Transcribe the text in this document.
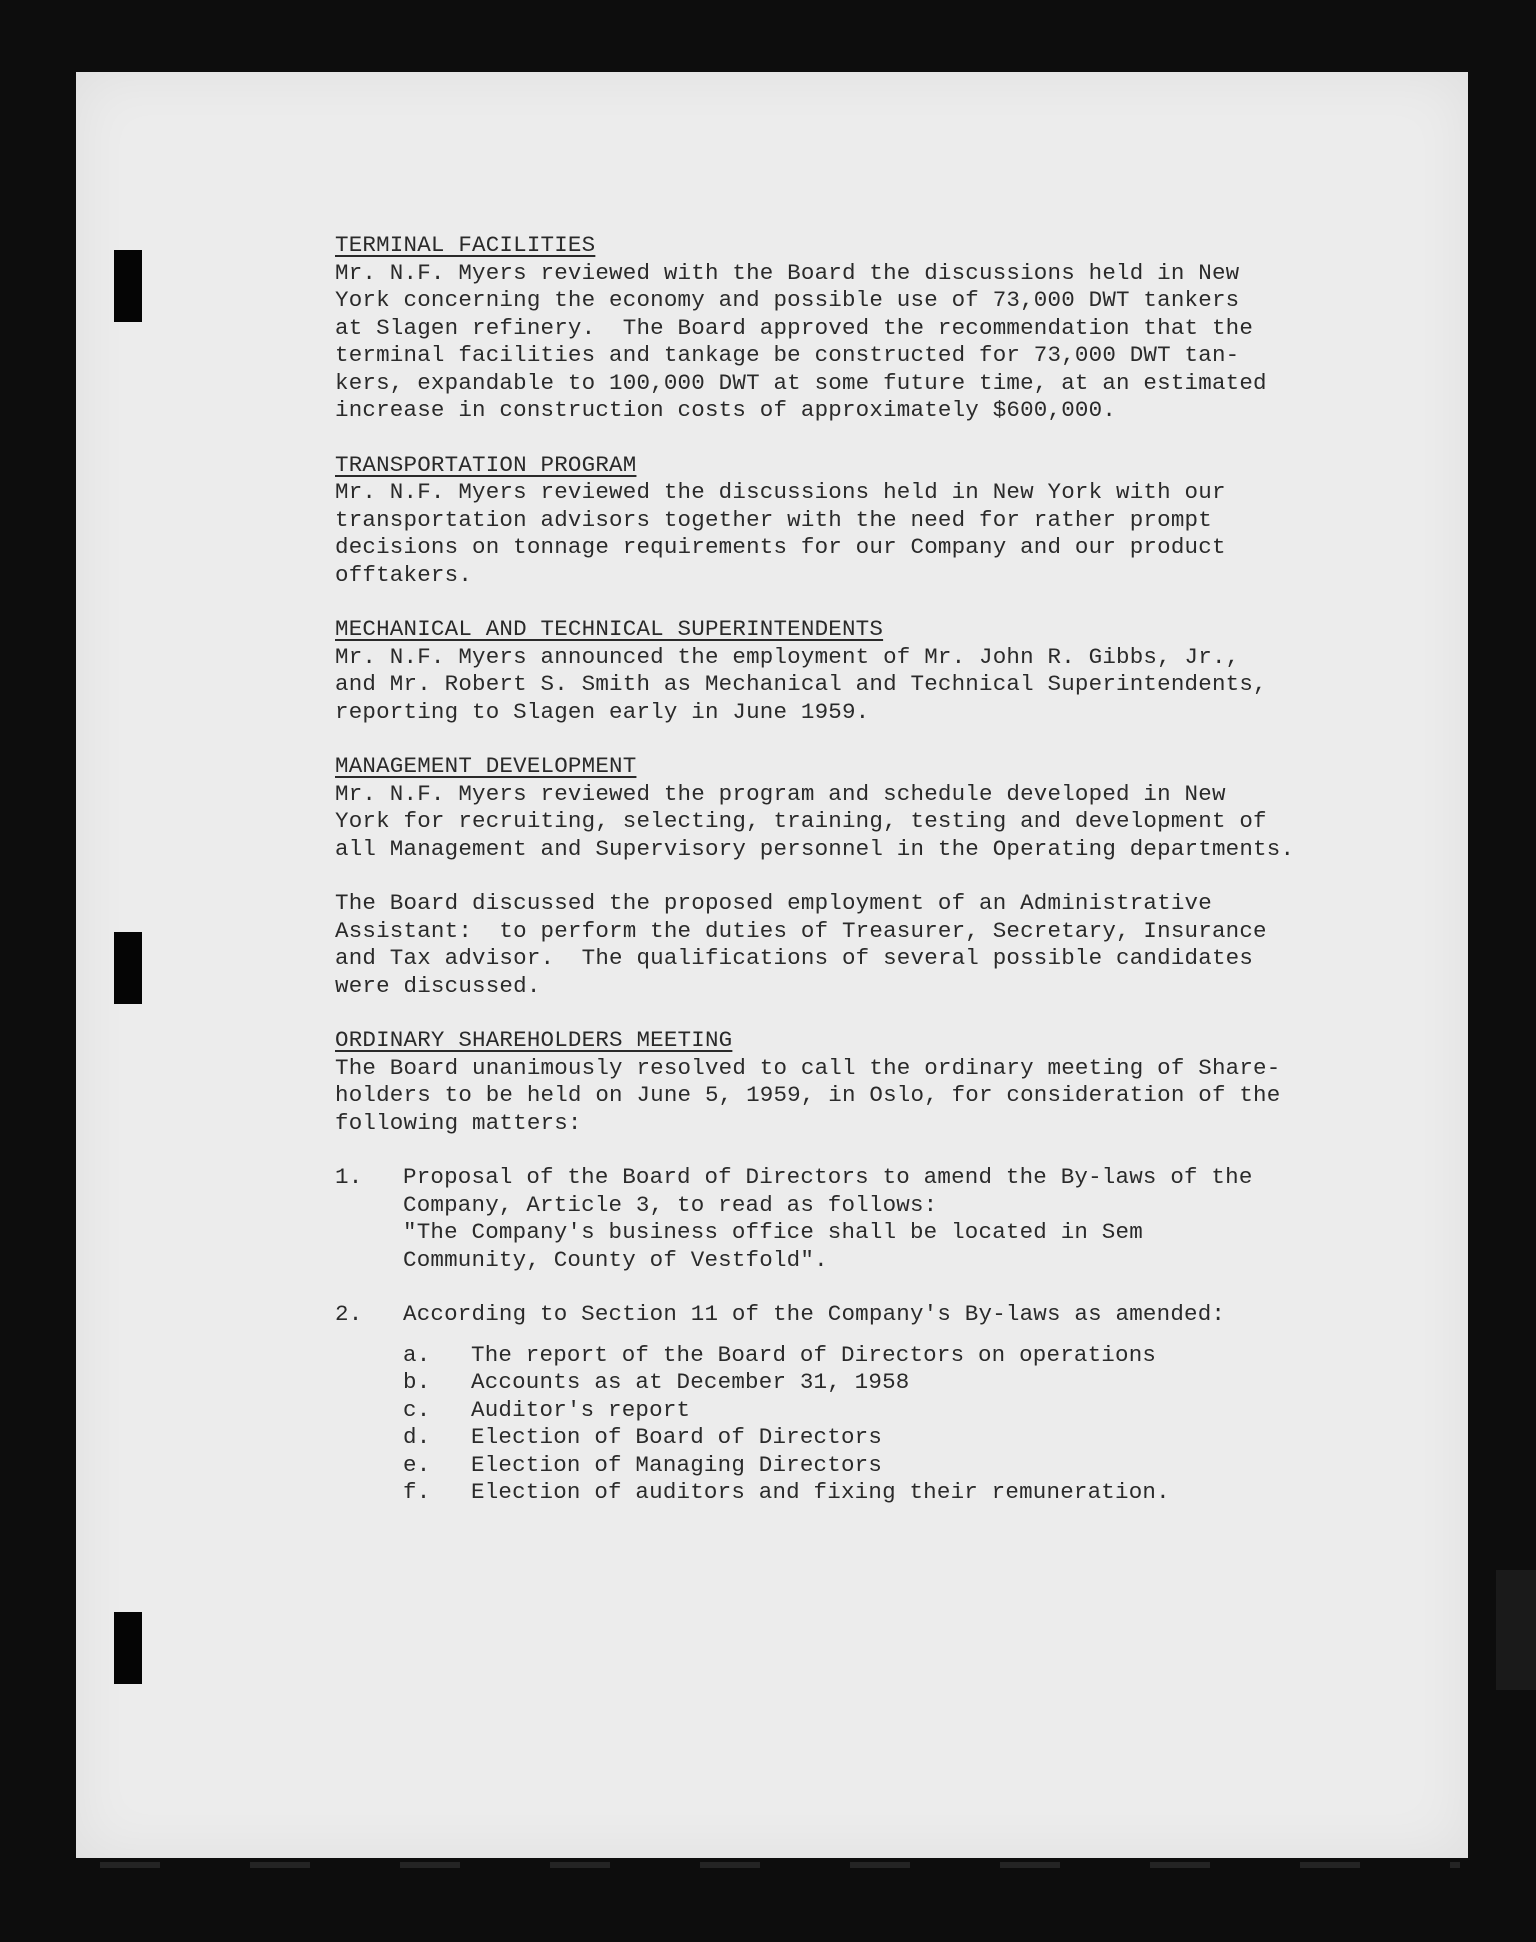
TERMINAL FACILITIES

Mr. N.F. Myers reviewed with the Board the discussions held in New
York concerning the economy and possible use of 73,000 DWT tankers
at Slagen refinery.  The Board approved the recommendation that the
terminal facilities and tankage be constructed for 73,000 DWT tan-
kers, expandable to 100,000 DWT at some future time, at an estimated
increase in construction costs of approximately $600,000.

TRANSPORTATION PROGRAM

Mr. N.F. Myers reviewed the discussions held in New York with our
transportation advisors together with the need for rather prompt
decisions on tonnage requirements for our Company and our product
offtakers.

MECHANICAL AND TECHNICAL SUPERINTENDENTS

Mr. N.F. Myers announced the employment of Mr. John R. Gibbs, Jr.,
and Mr. Robert S. Smith as Mechanical and Technical Superintendents,
reporting to Slagen early in June 1959.

MANAGEMENT DEVELOPMENT

Mr. N.F. Myers reviewed the program and schedule developed in New
York for recruiting, selecting, training, testing and development of
all Management and Supervisory personnel in the Operating departments.

The Board discussed the proposed employment of an Administrative
Assistant:  to perform the duties of Treasurer, Secretary, Insurance
and Tax advisor.  The qualifications of several possible candidates
were discussed.

ORDINARY SHAREHOLDERS MEETING

The Board unanimously resolved to call the ordinary meeting of Share-
holders to be held on June 5, 1959, in Oslo, for consideration of the
following matters:

1.	Proposal of the Board of Directors to amend the By-laws of the
Company, Article 3, to read as follows:

"The Company's business office shall be located in Sem
Community, County of Vestfold".

2.	According to Section 11 of the Company's By-laws as amended:

a.	The report of the Board of Directors on operations
b.	Accounts as at December 31, 1958
c.	Auditor's report
d.	Election of Board of Directors
e.	Election of Managing Directors
f.	Election of auditors and fixing their remuneration.
